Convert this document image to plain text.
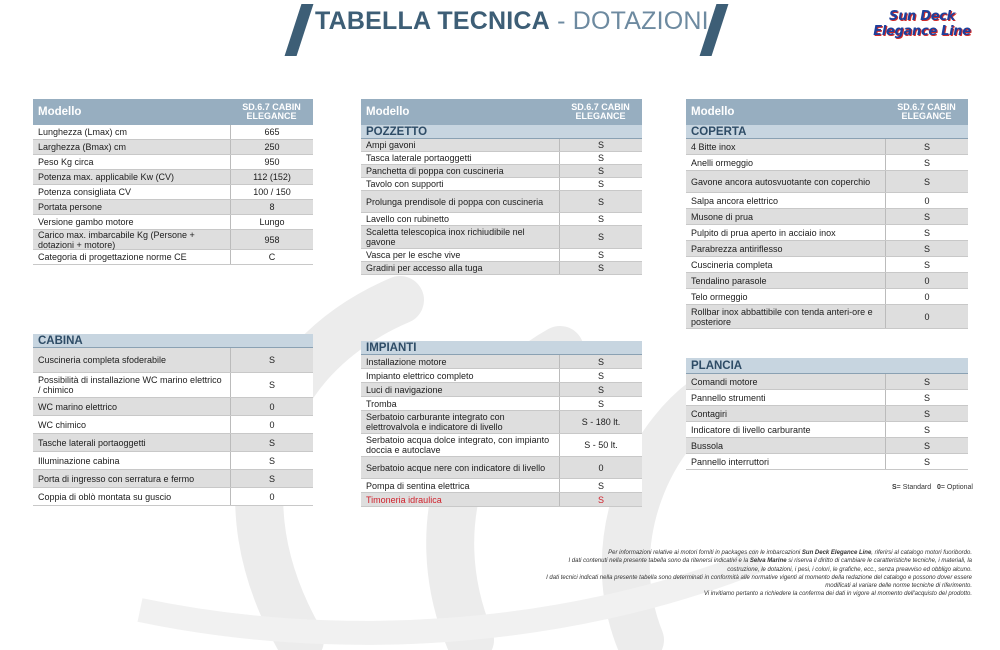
TABELLA TECNICA - DOTAZIONI	Sun Deck
Elegance Line
Modello	SD.6.7 CABIN ELEGANCE
Lunghezza (Lmax) cm	665
Larghezza (Bmax) cm	250
Peso Kg circa	950
Potenza max. applicabile Kw (CV)	112 (152)
Potenza consigliata CV	100 / 150
Portata persone	8
Versione gambo motore	Lungo
Carico max. imbarcabile Kg (Persone + dotazioni + motore)	958
Categoria di progettazione norme CE	C
CABINA
Cuscineria completa sfoderabile	S
Possibilità di installazione WC marino elettrico / chimico	S
WC marino elettrico	0
WC chimico	0
Tasche laterali portaoggetti	S
Illuminazione cabina	S
Porta di ingresso con serratura e fermo	S
Coppia di oblò montata su guscio	0
Modello	SD.6.7 CABIN ELEGANCE
POZZETTO
Ampi gavoni	S
Tasca laterale portaoggetti	S
Panchetta di poppa con cuscineria	S
Tavolo con supporti	S
Prolunga prendisole di poppa con cuscineria	S
Lavello con rubinetto	S
Scaletta telescopica inox richiudibile nel gavone	S
Vasca per le esche vive	S
Gradini per accesso alla tuga	S
IMPIANTI
Installazione motore	S
Impianto elettrico completo	S
Luci di navigazione	S
Tromba	S
Serbatoio carburante integrato con elettrovalvola e indicatore di livello	S - 180 lt.
Serbatoio acqua dolce integrato, con impianto doccia e autoclave	S - 50 lt.
Serbatoio acque nere con indicatore di livello	0
Pompa di sentina elettrica	S
Timoneria idraulica	S
Modello	SD.6.7 CABIN ELEGANCE
COPERTA
4 Bitte inox	S
Anelli ormeggio	S
Gavone ancora autosvuotante con coperchio	S
Salpa ancora elettrico	0
Musone di prua	S
Pulpito di prua aperto in acciaio inox	S
Parabrezza antiriflesso	S
Cuscineria completa	S
Tendalino parasole	0
Telo ormeggio	0
Rollbar inox abbattibile con tenda anteri-ore e posteriore	0
PLANCIA
Comandi motore	S
Pannello strumenti	S
Contagiri	S
Indicatore di livello carburante	S
Bussola	S
Pannello interruttori	S
S= Standard 0= Optional

Per informazioni relative ai motori forniti in packages con le imbarcazioni Sun Deck Elegance Line, riferirsi al catalogo motori fuoribordo.

I dati contenuti nella presente tabella sono da ritenersi indicativi e la Selva Marine si riserva il diritto di cambiare le caratteristiche tecniche, i materiali, la costruzione, le dotazioni, i pesi, i colori, le grafiche, ecc., senza preavviso ed obbligo alcuno.

I dati tecnici indicati nella presente tabella sono determinati in conformità alle normative vigenti al momento della redazione del catalogo e possono dover essere modificati al variare delle norme tecniche di riferimento.

Vi invitiamo pertanto a richiedere la conferma dei dati in vigore al momento dell'acquisto del prodotto.
